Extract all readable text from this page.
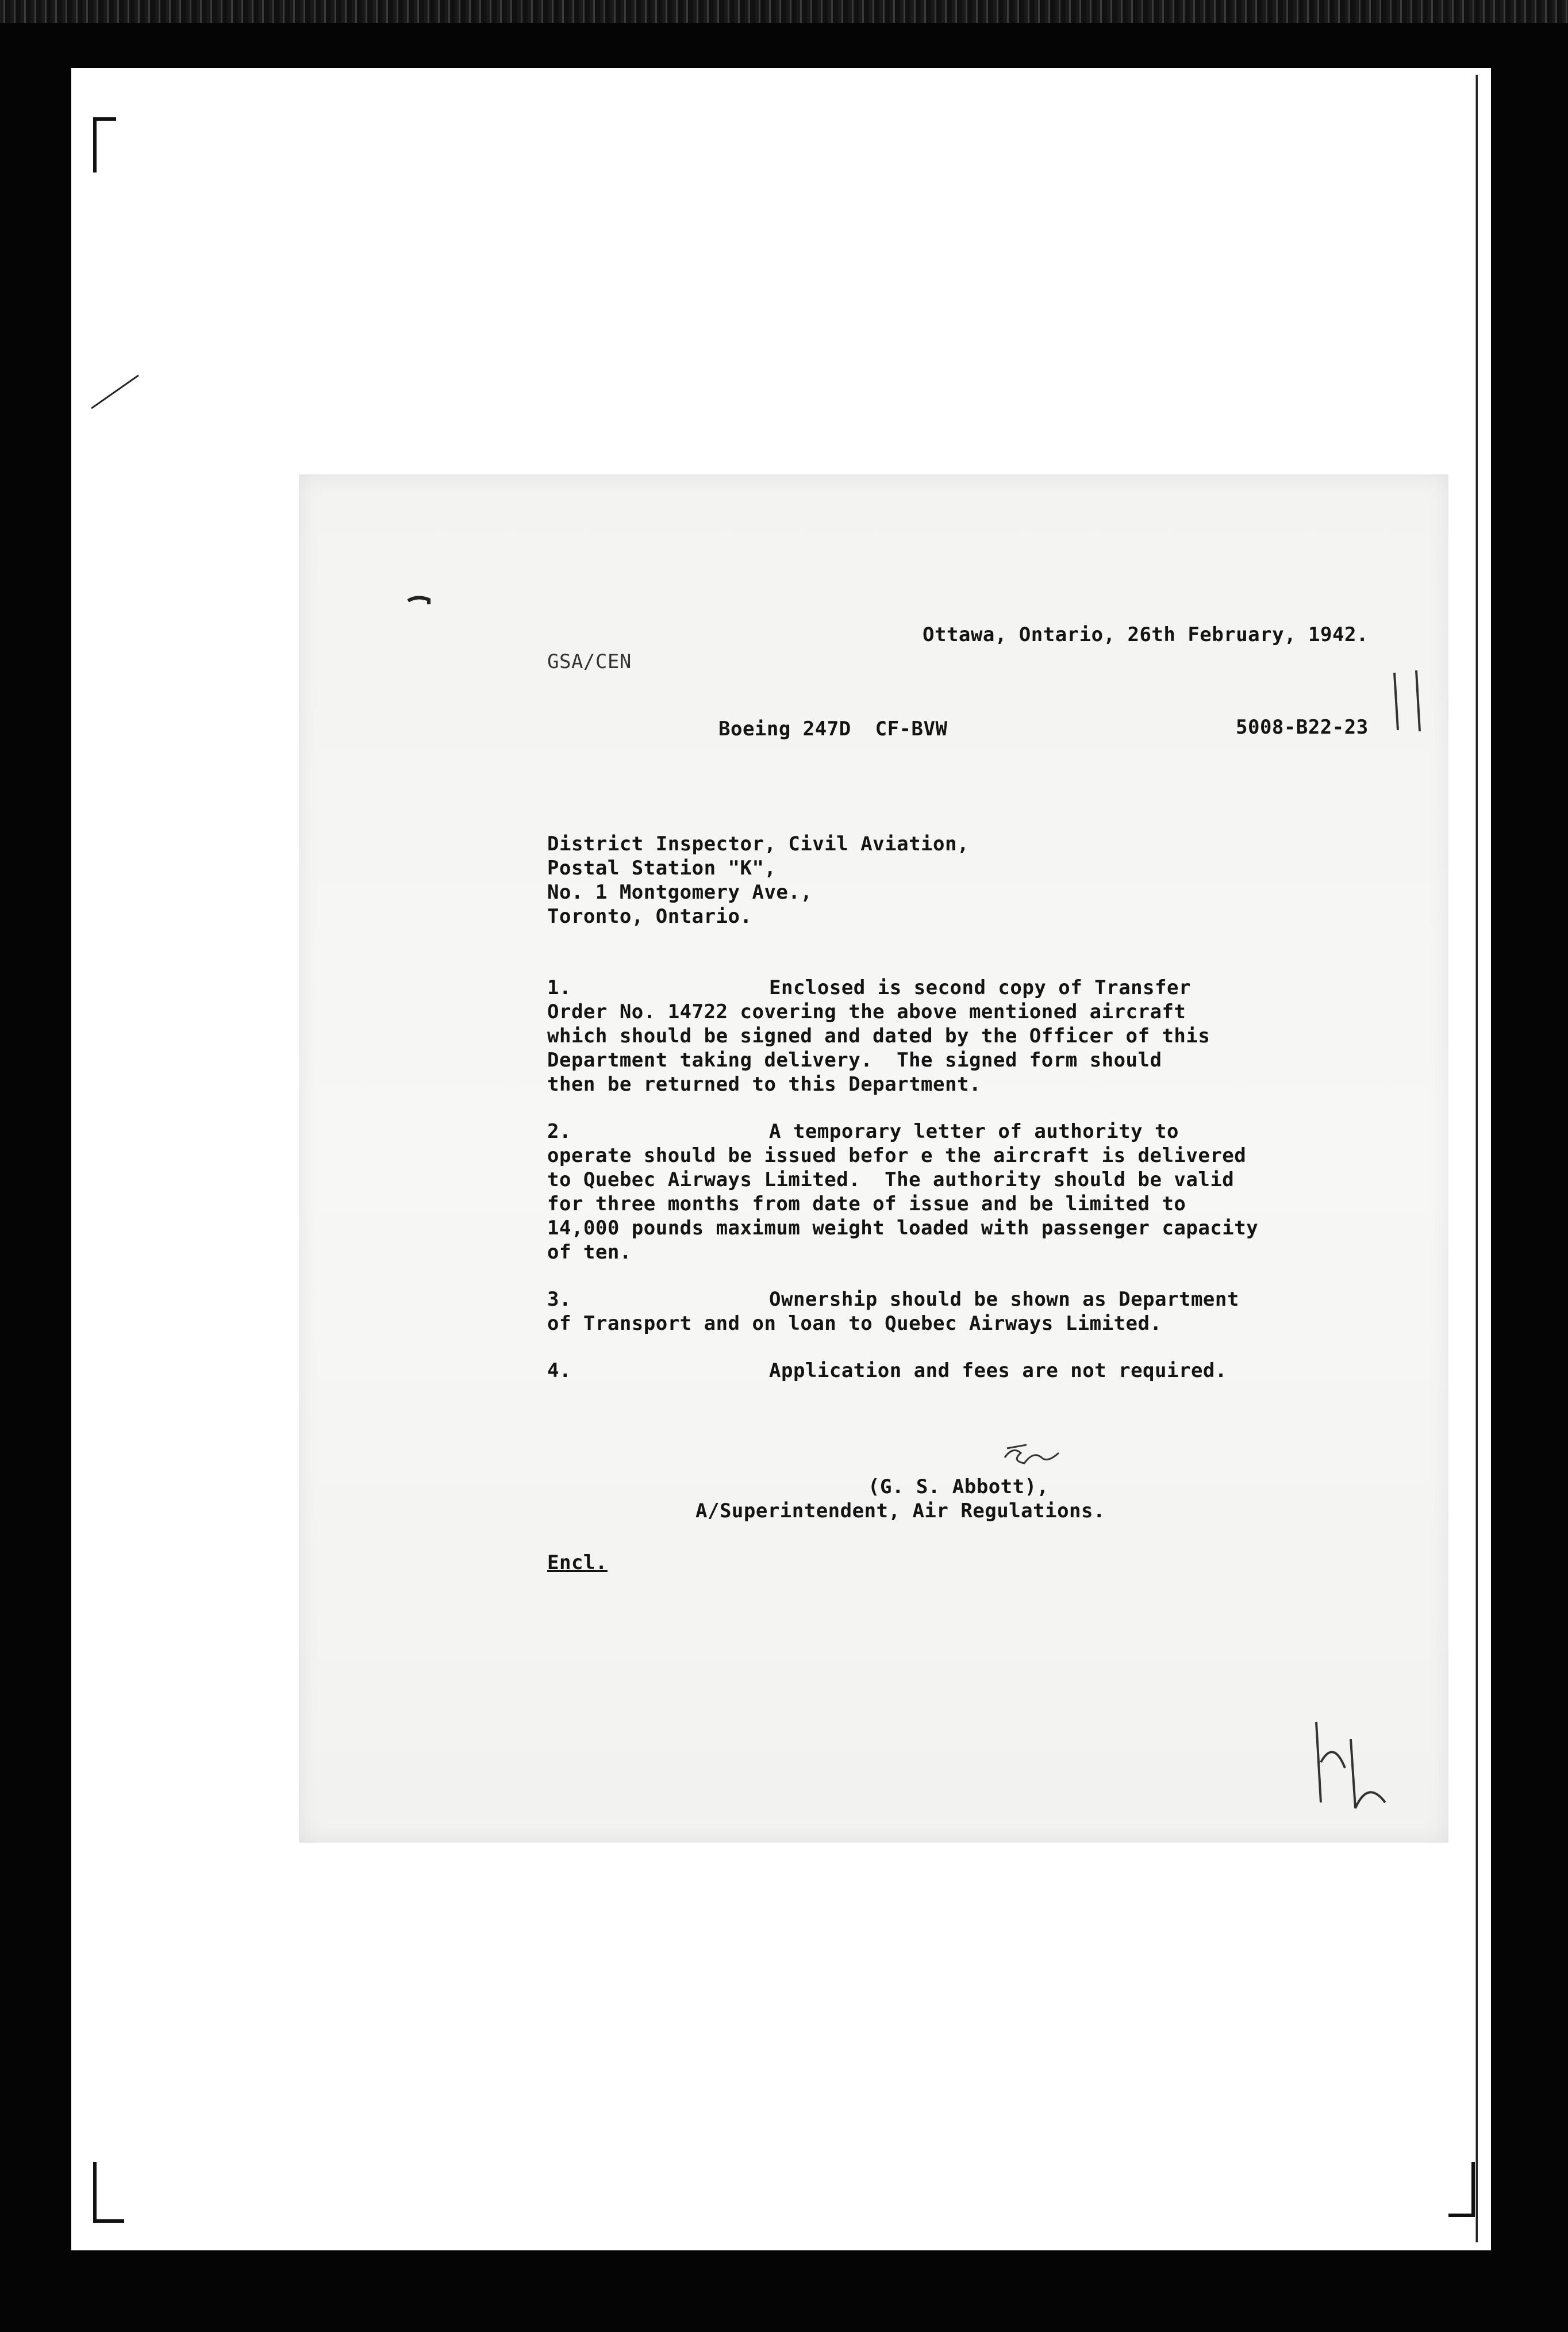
Ottawa, Ontario, 26th February, 1942.
GSA/CEN
Boeing 247D  CF-BVW	5008-B22-23
District Inspector, Civil Aviation,
Postal Station "K",
No. 1 Montgomery Ave.,
Toronto, Ontario.
1.	Enclosed is second copy of Transfer
Order No. 14722 covering the above mentioned aircraft
which should be signed and dated by the Officer of this
Department taking delivery.  The signed form should
then be returned to this Department.
2.	A temporary letter of authority to
operate should be issued befor e the aircraft is delivered
to Quebec Airways Limited.  The authority should be valid
for three months from date of issue and be limited to
14,000 pounds maximum weight loaded with passenger capacity
of ten.
3.	Ownership should be shown as Department
of Transport and on loan to Quebec Airways Limited.
4.	Application and fees are not required.
(G. S. Abbott),
A/Superintendent, Air Regulations.
Encl.
